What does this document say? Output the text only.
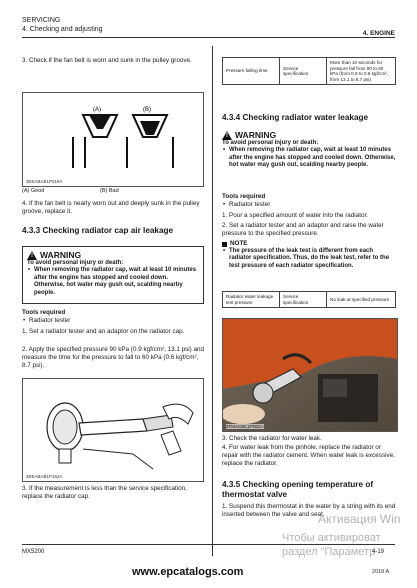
SERVICING
4. Checking and adjusting
4. ENGINE
3. Check if the fan belt is worn and sunk in the pulley groove.
(A)	(B)
3EEABAB1P018A
(A) Good	(B) Bad
4. If the fan belt is nearly worn out and deeply sunk in the pulley groove, replace it.
4.3.3 Checking radiator cap air leakage
! WARNING
To avoid personal injury or death:
• When removing the radiator cap, wait at least 10 minutes after the engine has stopped and cooled down. Otherwise, hot water may gush out, scalding nearby people.
Tools required
• Radiator tester
1. Set a radiator tester and an adaptor on the radiator cap.
2. Apply the specified pressure 90 kPa (0.9 kgf/cm², 13.1 psi) and measure the time for the pressure to fall to 60 kPa (0.6 kgf/cm², 8.7 psi).
3EEABAB1P162A
3. If the measurement is less than the service specification, replace the radiator cap.
Pressure falling time	Service specification	More than 10 seconds for pressure fall from 90 to 60 kPa (from 0.9 to 0.6 kgf/cm², from 13.1 to 8.7 psi)
4.3.4 Checking radiator water leakage
! WARNING
To avoid personal injury or death:
• When removing the radiator cap, wait at least 10 minutes after the engine has stopped and cooled down. Otherwise, hot water may gush out, scalding nearby people.
Tools required
• Radiator tester
1. Pour a specified amount of water into the radiator.
2. Set a radiator tester and an adaptor and raise the water pressure to the specified pressure.
NOTE
• The pressure of the leak test is different from each radiator specification. Thus, do the leak test, refer to the test pressure of each radiator specification.
Radiator water leakage test pressure	Service specification	No leak at specified pressure
3TMACBC1P002A
3. Check the radiator for water leak.
4. For water leak from the pinhole, replace the radiator or repair with the radiator cement. When water leak is excessive, replace the radiator.
4.3.5 Checking opening temperature of thermostat valve
1. Suspend this thermostat in the water by a string with its end inserted between the valve and seat.
Активация Win
Чтобы активироват
раздел "Параметр
MX5200	4-19
www.epcatalogs.com	2018 A
